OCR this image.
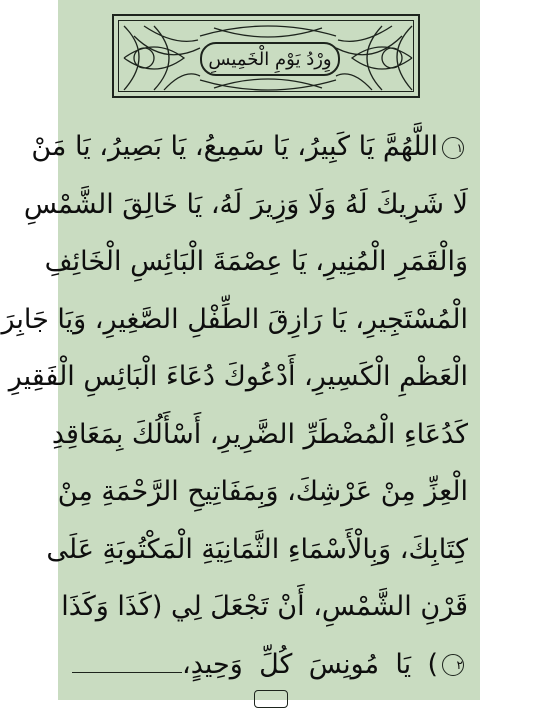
وِرْدُ يَوْمِ الْخَمِيسِ
١اللَّهُمَّ يَا كَبِيرُ، يَا سَمِيعُ، يَا بَصِيرُ، يَا مَنْ
لَا شَرِيكَ لَهُ وَلَا وَزِيرَ لَهُ، يَا خَالِقَ الشَّمْسِ
وَالْقَمَرِ الْمُنِيرِ، يَا عِصْمَةَ الْبَائِسِ الْخَائِفِ
الْمُسْتَجِيرِ، يَا رَازِقَ الطِّفْلِ الصَّغِيرِ، وَيَا جَابِرَ
الْعَظْمِ الْكَسِيرِ، أَدْعُوكَ دُعَاءَ الْبَائِسِ الْفَقِيرِ
كَدُعَاءِ الْمُضْطَرِّ الضَّرِيرِ، أَسْأَلُكَ بِمَعَاقِدِ
الْعِزِّ مِنْ عَرْشِكَ، وَبِمَفَاتِيحِ الرَّحْمَةِ مِنْ
كِتَابِكَ، وَبِالْأَسْمَاءِ الثَّمَانِيَةِ الْمَكْتُوبَةِ عَلَى
قَرْنِ الشَّمْسِ، أَنْ تَجْعَلَ لِي (كَذَا وَكَذَا
٢) يَا مُونِسَ كُلِّ وَحِيدٍ،
